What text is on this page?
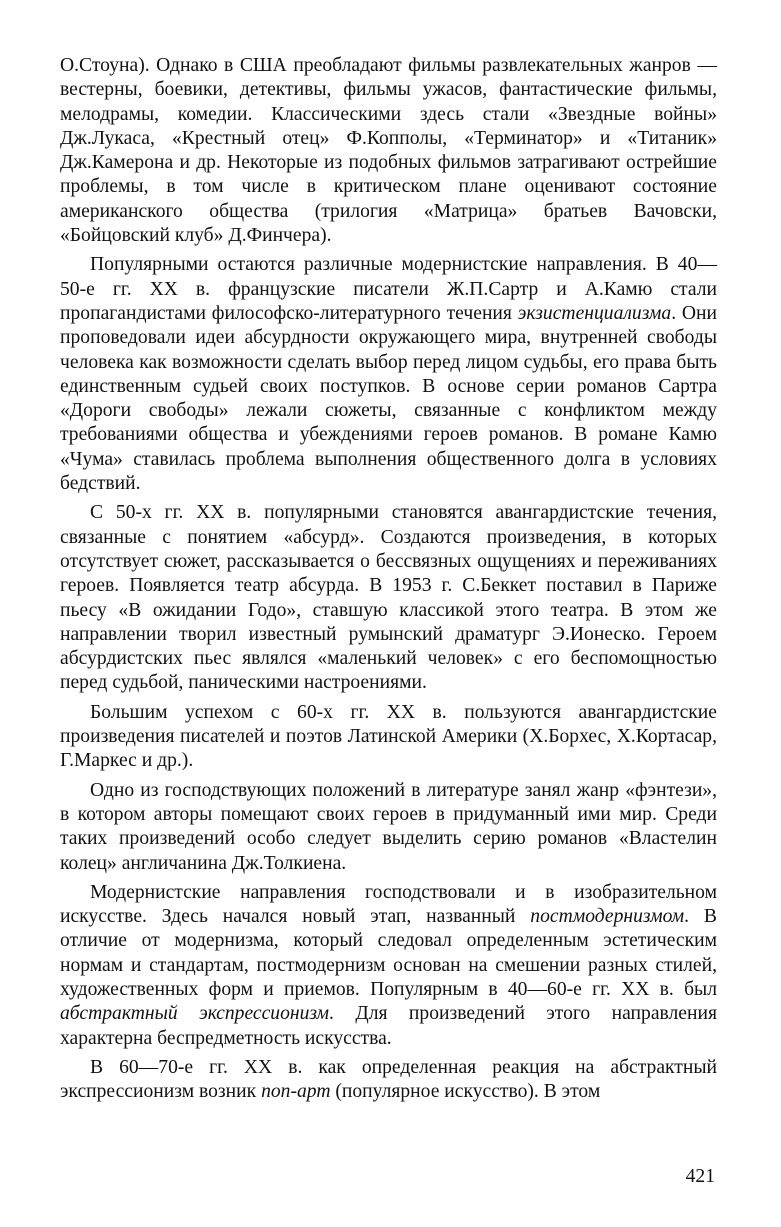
О.Стоуна). Однако в США преобладают фильмы развлекательных жанров — вестерны, боевики, детективы, фильмы ужасов, фантастические фильмы, мелодрамы, комедии. Классическими здесь стали «Звездные войны» Дж.Лукаса, «Крестный отец» Ф.Копполы, «Терминатор» и «Титаник» Дж.Камерона и др. Некоторые из подобных фильмов затрагивают острейшие проблемы, в том числе в критическом плане оценивают состояние американского общества (трилогия «Матрица» братьев Вачовски, «Бойцовский клуб» Д.Финчера).

Популярными остаются различные модернистские направления. В 40—50-е гг. XX в. французские писатели Ж.П.Сартр и А.Камю стали пропагандистами философско-литературного течения экзистенциализма. Они проповедовали идеи абсурдности окружающего мира, внутренней свободы человека как возможности сделать выбор перед лицом судьбы, его права быть единственным судьей своих поступков. В основе серии романов Сартра «Дороги свободы» лежали сюжеты, связанные с конфликтом между требованиями общества и убеждениями героев романов. В романе Камю «Чума» ставилась проблема выполнения общественного долга в условиях бедствий.

С 50-х гг. XX в. популярными становятся авангардистские течения, связанные с понятием «абсурд». Создаются произведения, в которых отсутствует сюжет, рассказывается о бессвязных ощущениях и переживаниях героев. Появляется театр абсурда. В 1953 г. С.Беккет поставил в Париже пьесу «В ожидании Годо», ставшую классикой этого театра. В этом же направлении творил известный румынский драматург Э.Ионеско. Героем абсурдистских пьес являлся «маленький человек» с его беспомощностью перед судьбой, паническими настроениями.

Большим успехом с 60-х гг. XX в. пользуются авангардистские произведения писателей и поэтов Латинской Америки (Х.Борхес, Х.Кортасар, Г.Маркес и др.).

Одно из господствующих положений в литературе занял жанр «фэнтези», в котором авторы помещают своих героев в придуманный ими мир. Среди таких произведений особо следует выделить серию романов «Властелин колец» англичанина Дж.Толкиена.

Модернистские направления господствовали и в изобразительном искусстве. Здесь начался новый этап, названный постмодернизмом. В отличие от модернизма, который следовал определенным эстетическим нормам и стандартам, постмодернизм основан на смешении разных стилей, художественных форм и приемов. Популярным в 40—60-е гг. XX в. был абстрактный экспрессионизм. Для произведений этого направления характерна беспредметность искусства.

В 60—70-е гг. XX в. как определенная реакция на абстрактный экспрессионизм возник поп-арт (популярное искусство). В этом

421
